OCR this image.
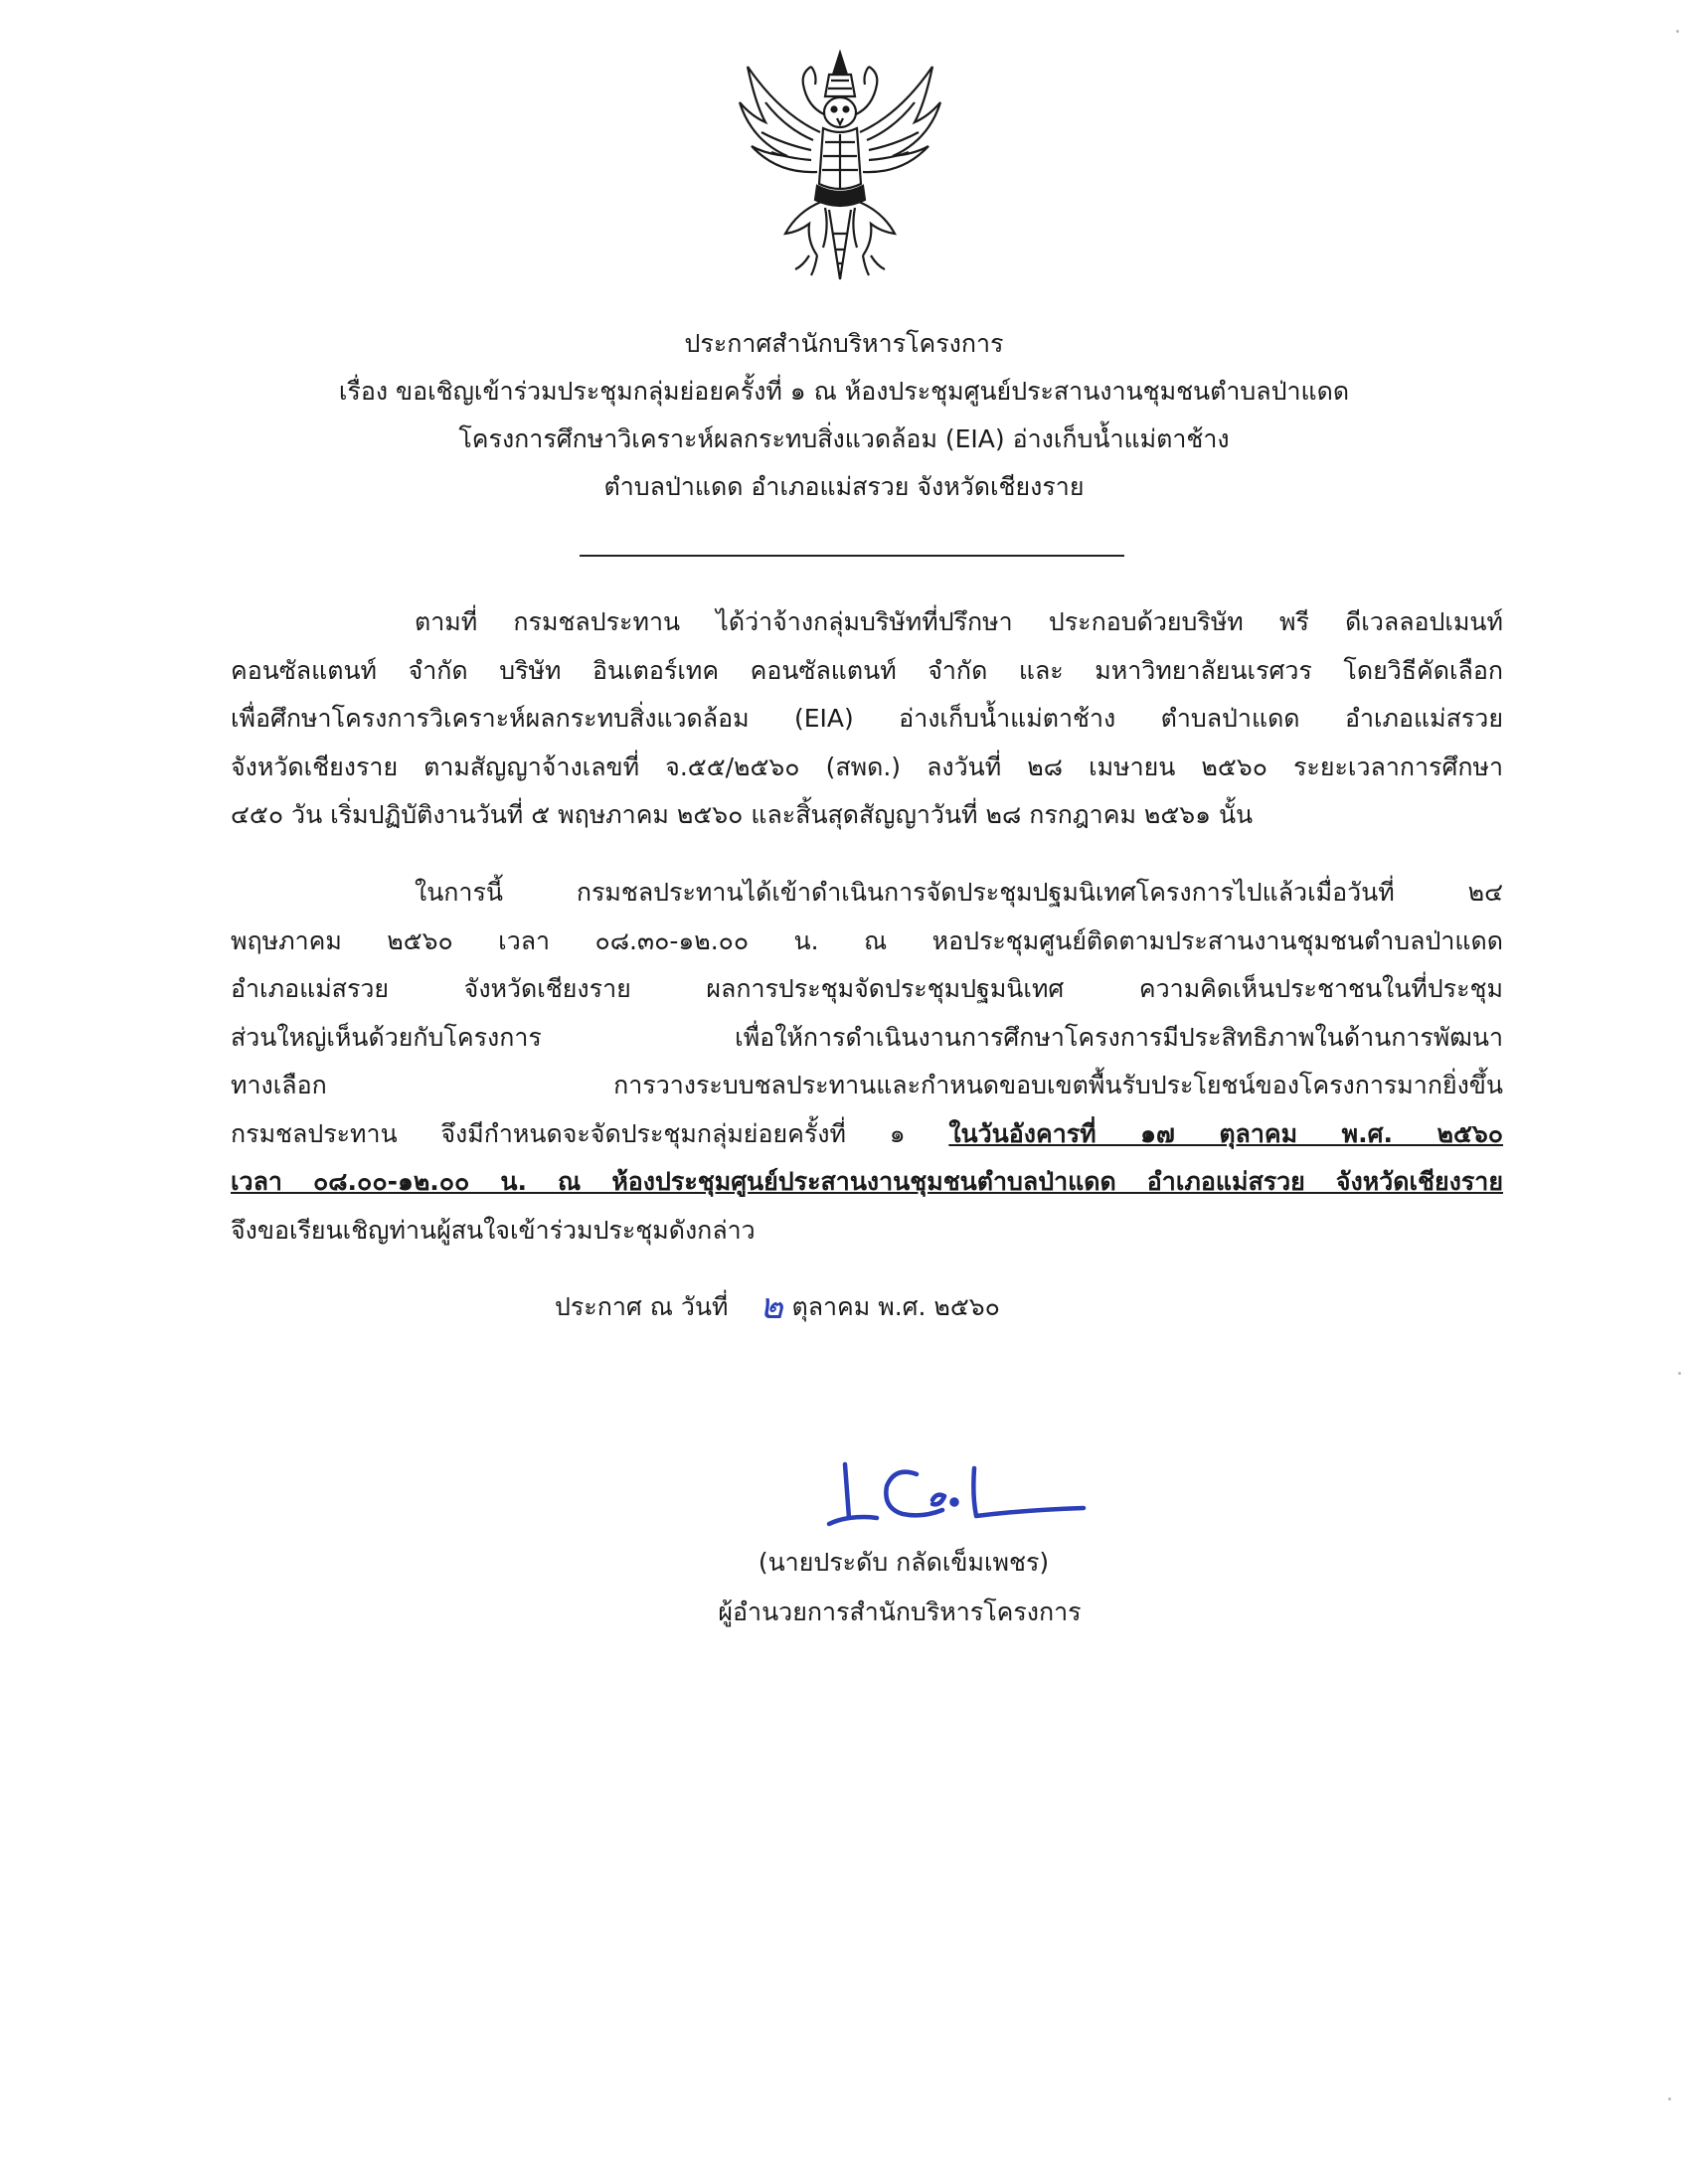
ประกาศสำนักบริหารโครงการ
เรื่อง ขอเชิญเข้าร่วมประชุมกลุ่มย่อยครั้งที่ ๑ ณ ห้องประชุมศูนย์ประสานงานชุมชนตำบลป่าแดด
โครงการศึกษาวิเคราะห์ผลกระทบสิ่งแวดล้อม (EIA) อ่างเก็บน้ำแม่ตาช้าง
ตำบลป่าแดด อำเภอแม่สรวย จังหวัดเชียงราย
ตามที่ กรมชลประทาน ได้ว่าจ้างกลุ่มบริษัทที่ปรึกษา ประกอบด้วยบริษัท พรี ดีเวลลอปเมนท์
คอนซัลแตนท์ จำกัด บริษัท อินเตอร์เทค คอนซัลแตนท์ จำกัด และ มหาวิทยาลัยนเรศวร โดยวิธีคัดเลือก
เพื่อศึกษาโครงการวิเคราะห์ผลกระทบสิ่งแวดล้อม (EIA) อ่างเก็บน้ำแม่ตาช้าง ตำบลป่าแดด อำเภอแม่สรวย
จังหวัดเชียงราย ตามสัญญาจ้างเลขที่ จ.๕๕/๒๕๖๐ (สพด.) ลงวันที่ ๒๘ เมษายน ๒๕๖๐ ระยะเวลาการศึกษา
๔๕๐ วัน เริ่มปฏิบัติงานวันที่ ๕ พฤษภาคม ๒๕๖๐ และสิ้นสุดสัญญาวันที่ ๒๘ กรกฎาคม ๒๕๖๑ นั้น
ในการนี้ กรมชลประทานได้เข้าดำเนินการจัดประชุมปฐมนิเทศโครงการไปแล้วเมื่อวันที่ ๒๔
พฤษภาคม ๒๕๖๐ เวลา ๐๘.๓๐-๑๒.๐๐ น. ณ หอประชุมศูนย์ติดตามประสานงานชุมชนตำบลป่าแดด
อำเภอแม่สรวย จังหวัดเชียงราย ผลการประชุมจัดประชุมปฐมนิเทศ ความคิดเห็นประชาชนในที่ประชุม
ส่วนใหญ่เห็นด้วยกับโครงการ เพื่อให้การดำเนินงานการศึกษาโครงการมีประสิทธิภาพในด้านการพัฒนา
ทางเลือก การวางระบบชลประทานและกำหนดขอบเขตพื้นรับประโยชน์ของโครงการมากยิ่งขึ้น
กรมชลประทาน จึงมีกำหนดจะจัดประชุมกลุ่มย่อยครั้งที่ ๑ ในวันอังคารที่ ๑๗ ตุลาคม พ.ศ. ๒๕๖๐
เวลา ๐๘.๐๐-๑๒.๐๐ น. ณ ห้องประชุมศูนย์ประสานงานชุมชนตำบลป่าแดด อำเภอแม่สรวย จังหวัดเชียงราย
จึงขอเรียนเชิญท่านผู้สนใจเข้าร่วมประชุมดังกล่าว
ประกาศ ณ วันที่	ตุลาคม พ.ศ. ๒๕๖๐
๒
(นายประดับ กลัดเข็มเพชร)
ผู้อำนวยการสำนักบริหารโครงการ
